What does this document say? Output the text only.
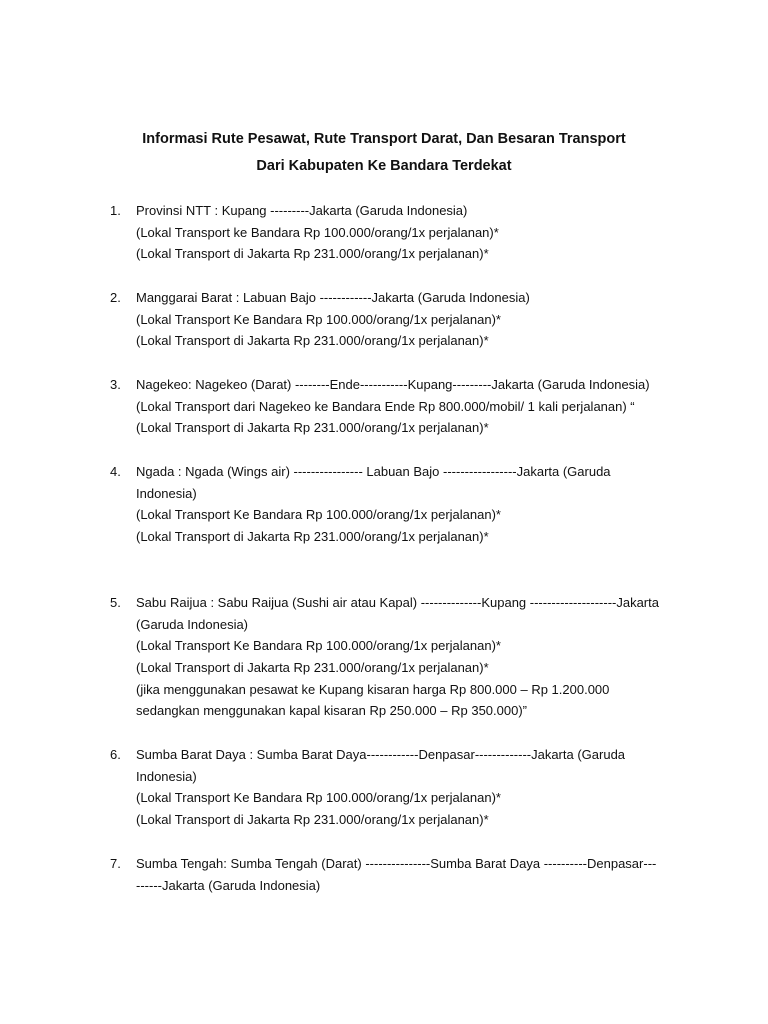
Informasi Rute Pesawat, Rute Transport Darat, Dan Besaran Transport
Dari Kabupaten Ke Bandara Terdekat
1.	Provinsi NTT : Kupang ---------Jakarta (Garuda Indonesia)
(Lokal Transport ke Bandara Rp 100.000/orang/1x perjalanan)*
(Lokal Transport di Jakarta Rp 231.000/orang/1x perjalanan)*
2.	Manggarai Barat : Labuan Bajo ------------Jakarta (Garuda Indonesia)
(Lokal Transport Ke Bandara Rp 100.000/orang/1x perjalanan)*
(Lokal Transport di Jakarta Rp 231.000/orang/1x perjalanan)*
3.	Nagekeo: Nagekeo (Darat) --------Ende-----------Kupang---------Jakarta (Garuda Indonesia)
(Lokal Transport dari Nagekeo ke Bandara Ende Rp 800.000/mobil/ 1 kali perjalanan) “
(Lokal Transport di Jakarta Rp 231.000/orang/1x perjalanan)*
4.	Ngada : Ngada (Wings air) ---------------- Labuan Bajo -----------------Jakarta (Garuda
Indonesia)
(Lokal Transport Ke Bandara Rp 100.000/orang/1x perjalanan)*
(Lokal Transport di Jakarta Rp 231.000/orang/1x perjalanan)*
5.	Sabu Raijua : Sabu Raijua (Sushi air atau Kapal) --------------Kupang --------------------Jakarta
(Garuda Indonesia)
(Lokal Transport Ke Bandara Rp 100.000/orang/1x perjalanan)*
(Lokal Transport di Jakarta Rp 231.000/orang/1x perjalanan)*
(jika menggunakan pesawat ke Kupang kisaran harga Rp 800.000 – Rp 1.200.000
sedangkan menggunakan kapal kisaran Rp 250.000 – Rp 350.000)”
6.	Sumba Barat Daya : Sumba Barat Daya------------Denpasar-------------Jakarta (Garuda
Indonesia)
(Lokal Transport Ke Bandara Rp 100.000/orang/1x perjalanan)*
(Lokal Transport di Jakarta Rp 231.000/orang/1x perjalanan)*
7.	Sumba Tengah: Sumba Tengah (Darat) ---------------Sumba Barat Daya ----------Denpasar---
------Jakarta (Garuda Indonesia)
